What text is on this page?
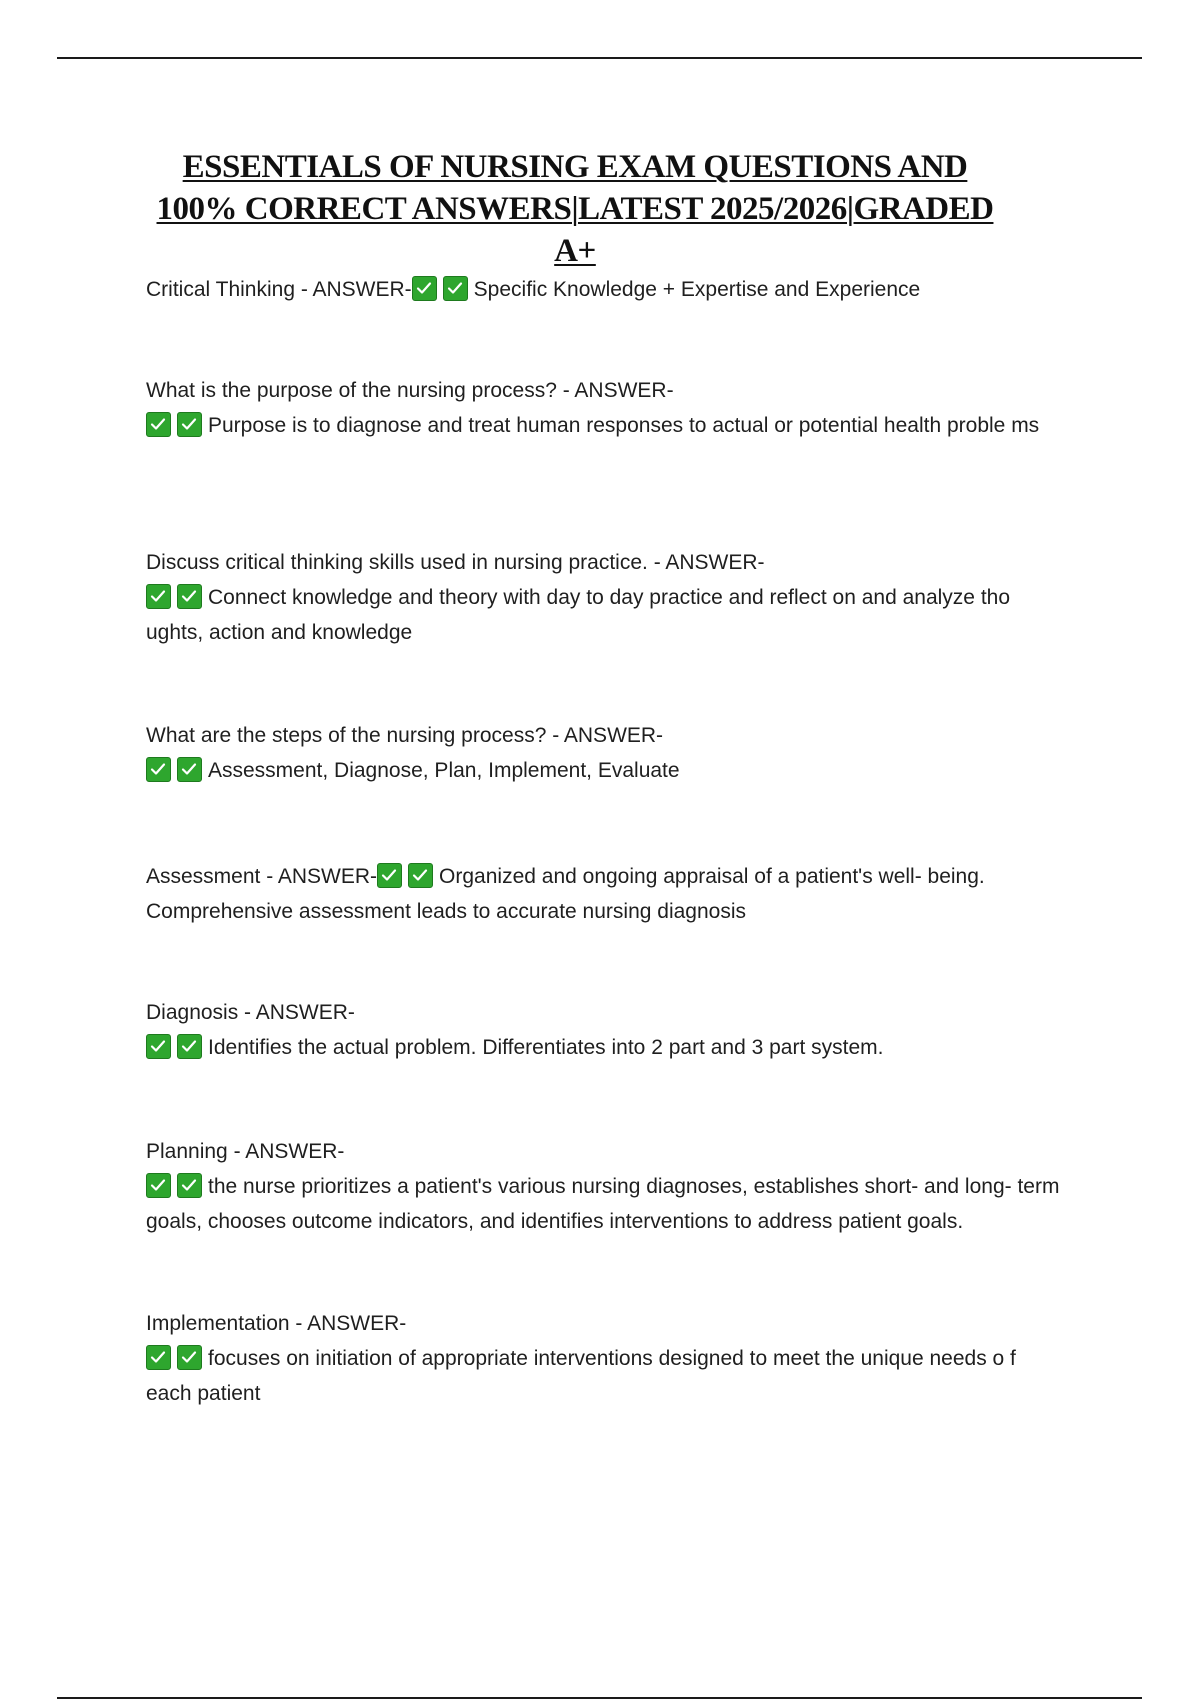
ESSENTIALS OF NURSING EXAM QUESTIONS AND 100% CORRECT ANSWERS|LATEST 2025/2026|GRADED A+

Critical Thinking - ANSWER-	Specific Knowledge + Expertise and Experience

What is the purpose of the nursing process? - ANSWER-

Purpose is to diagnose and treat human responses to actual or potential health proble ms

Discuss critical thinking skills used in nursing practice. - ANSWER-

Connect knowledge and theory with day to day practice and reflect on and analyze tho ughts, action and knowledge

What are the steps of the nursing process? - ANSWER-

Assessment, Diagnose, Plan, Implement, Evaluate

Assessment - ANSWER-	Organized and ongoing appraisal of a patient's well- being. Comprehensive assessment leads to accurate nursing diagnosis

Diagnosis - ANSWER-

Identifies the actual problem. Differentiates into 2 part and 3 part system.

Planning - ANSWER-

the nurse prioritizes a patient's various nursing diagnoses, establishes short- and long- term goals, chooses outcome indicators, and identifies interventions to address patient goals.

Implementation - ANSWER-

focuses on initiation of appropriate interventions designed to meet the unique needs o f each patient
